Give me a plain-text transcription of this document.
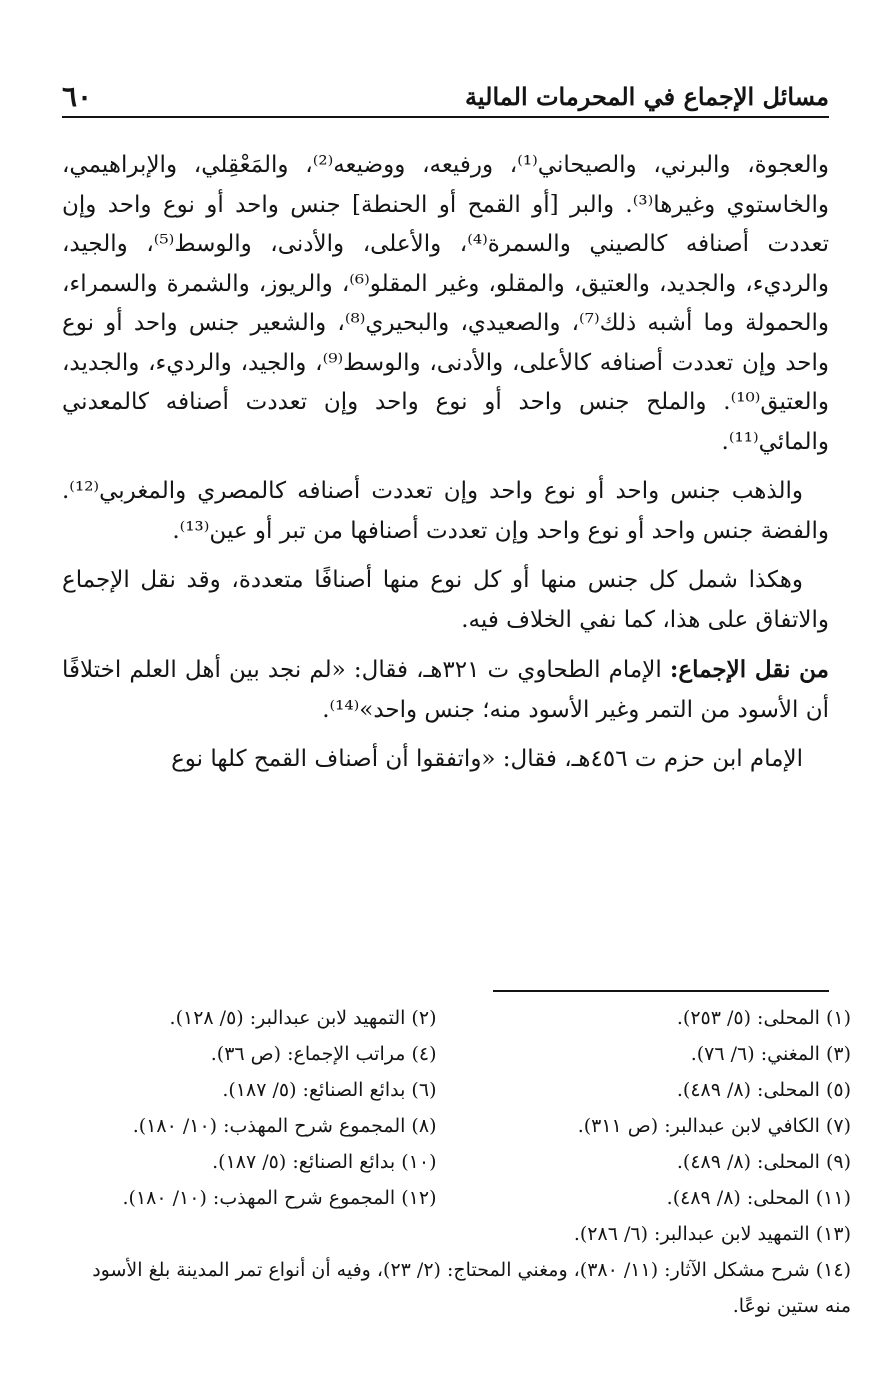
مسائل الإجماع في المحرمات المالية
٦٠

والعجوة، والبرني، والصيحاني⁽¹⁾، ورفيعه، ووضيعه⁽²⁾، والمَعْقِلي، والإبراهيمي، والخاستوي وغيرها⁽³⁾. والبر [أو القمح أو الحنطة] جنس واحد أو نوع واحد وإن تعددت أصنافه كالصيني والسمرة⁽⁴⁾، والأعلى، والأدنى، والوسط⁽⁵⁾، والجيد، والرديء، والجديد، والعتيق، والمقلو، وغير المقلو⁽⁶⁾، والريوز، والشمرة والسمراء، والحمولة وما أشبه ذلك⁽⁷⁾، والصعيدي، والبحيري⁽⁸⁾، والشعير جنس واحد أو نوع واحد وإن تعددت أصنافه كالأعلى، والأدنى، والوسط⁽⁹⁾، والجيد، والرديء، والجديد، والعتيق⁽¹⁰⁾. والملح جنس واحد أو نوع واحد وإن تعددت أصنافه كالمعدني والمائي⁽¹¹⁾.

والذهب جنس واحد أو نوع واحد وإن تعددت أصنافه كالمصري والمغربي⁽¹²⁾. والفضة جنس واحد أو نوع واحد وإن تعددت أصنافها من تبر أو عين⁽¹³⁾.

وهكذا شمل كل جنس منها أو كل نوع منها أصنافًا متعددة، وقد نقل الإجماع والاتفاق على هذا، كما نفي الخلاف فيه.

من نقل الإجماع: الإمام الطحاوي ت ٣٢١هـ، فقال: «لم نجد بين أهل العلم اختلافًا أن الأسود من التمر وغير الأسود منه؛ جنس واحد»⁽¹⁴⁾.

الإمام ابن حزم ت ٤٥٦هـ، فقال: «واتفقوا أن أصناف القمح كلها نوع

(١) المحلى: (٥/ ٢٥٣).
(٢) التمهيد لابن عبدالبر: (٥/ ١٢٨).
(٣) المغني: (٦/ ٧٦).
(٤) مراتب الإجماع: (ص ٣٦).
(٥) المحلى: (٨/ ٤٨٩).
(٦) بدائع الصنائع: (٥/ ١٨٧).
(٧) الكافي لابن عبدالبر: (ص ٣١١).
(٨) المجموع شرح المهذب: (١٠/ ١٨٠).
(٩) المحلى: (٨/ ٤٨٩).
(١٠) بدائع الصنائع: (٥/ ١٨٧).
(١١) المحلى: (٨/ ٤٨٩).
(١٢) المجموع شرح المهذب: (١٠/ ١٨٠).
(١٣) التمهيد لابن عبدالبر: (٦/ ٢٨٦).
(١٤) شرح مشكل الآثار: (١١/ ٣٨٠)، ومغني المحتاج: (٢/ ٢٣)، وفيه أن أنواع تمر المدينة بلغ الأسود منه ستين نوعًا.
